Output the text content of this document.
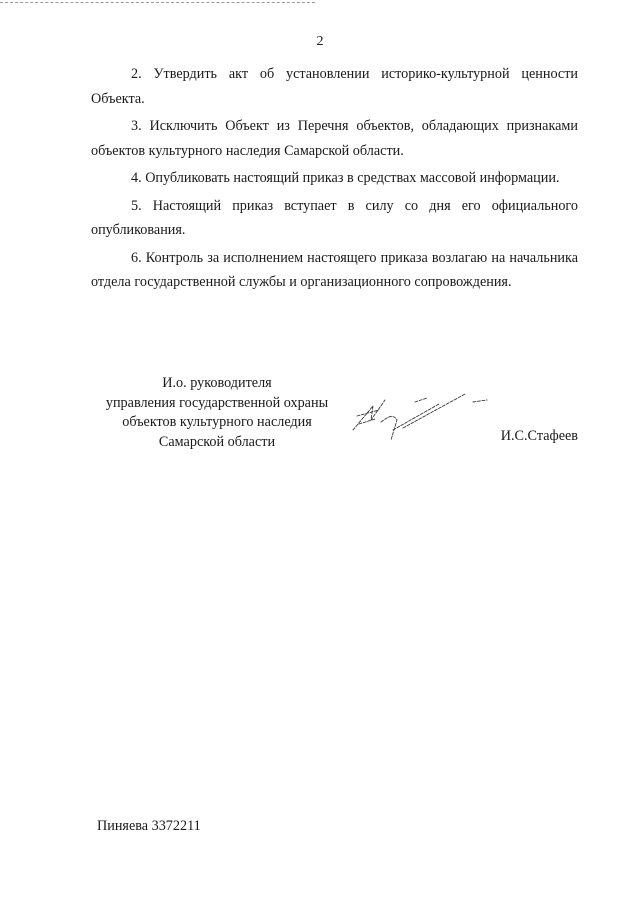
2

2. Утвердить акт об установлении историко-культурной ценности Объекта.

3. Исключить Объект из Перечня объектов, обладающих признаками объектов культурного наследия Самарской области.

4. Опубликовать настоящий приказ в средствах массовой информации.

5. Настоящий приказ вступает в силу со дня его официального опубликования.

6. Контроль за исполнением настоящего приказа возлагаю на начальника отдела государственной службы и организационного сопровождения.

И.о. руководителя
управления государственной охраны
объектов культурного наследия
Самарской области	И.С.Стафеев
Пиняева 3372211
